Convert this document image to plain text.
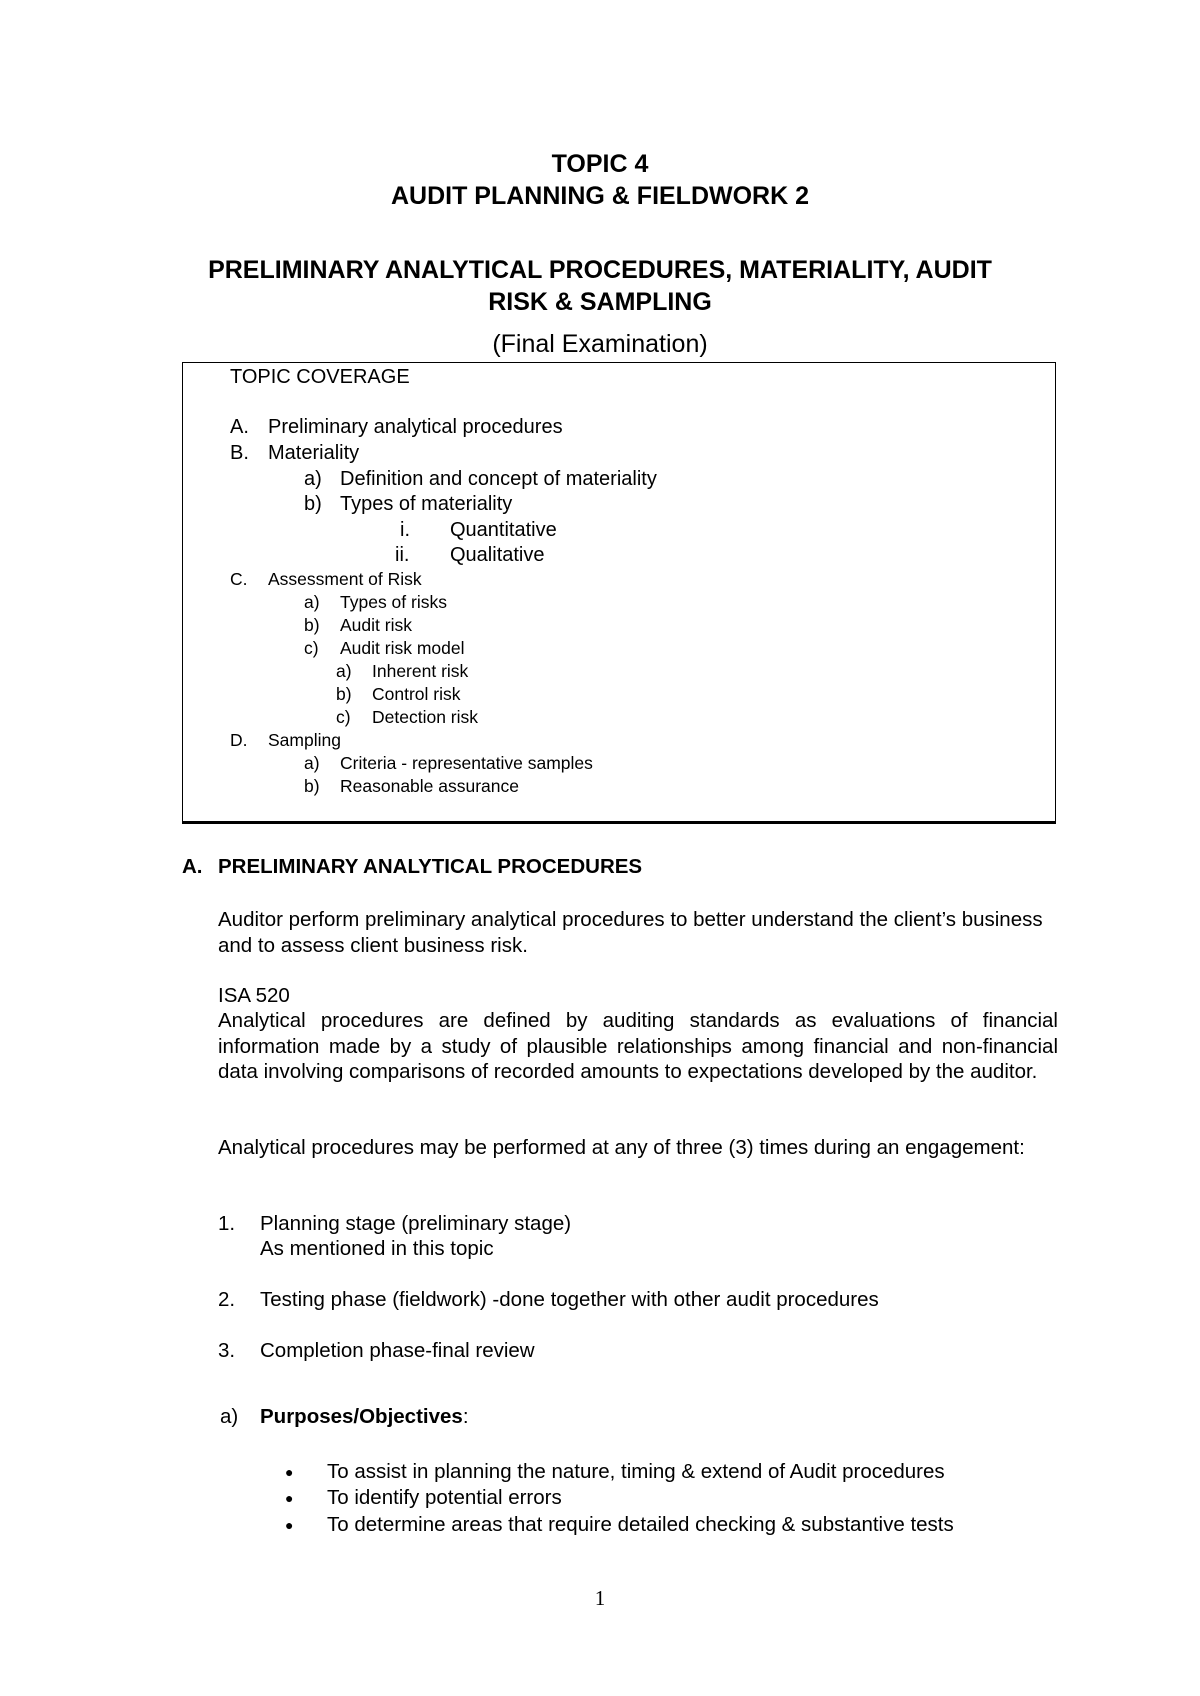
TOPIC 4
AUDIT PLANNING & FIELDWORK 2
PRELIMINARY ANALYTICAL PROCEDURES, MATERIALITY, AUDIT
RISK & SAMPLING
(Final Examination)
TOPIC COVERAGE
A. Preliminary analytical procedures
B. Materiality
a) Definition and concept of materiality
b) Types of materiality
i. Quantitative
ii. Qualitative
C. Assessment of Risk
a) Types of risks
b) Audit risk
c) Audit risk model
a) Inherent risk
b) Control risk
c) Detection risk
D. Sampling
a) Criteria - representative samples
b) Reasonable assurance
A. PRELIMINARY ANALYTICAL PROCEDURES
Auditor perform preliminary analytical procedures to better understand the client’s business and to assess client business risk.
ISA 520
Analytical procedures are defined by auditing standards as evaluations of financial information made by a study of plausible relationships among financial and non-financial data involving comparisons of recorded amounts to expectations developed by the auditor.
Analytical procedures may be performed at any of three (3) times during an engagement:
1. Planning stage (preliminary stage)
As mentioned in this topic
2. Testing phase (fieldwork) -done together with other audit procedures
3. Completion phase-final review
a) Purposes/Objectives:
● To assist in planning the nature, timing & extend of Audit procedures
● To identify potential errors
● To determine areas that require detailed checking & substantive tests
1
